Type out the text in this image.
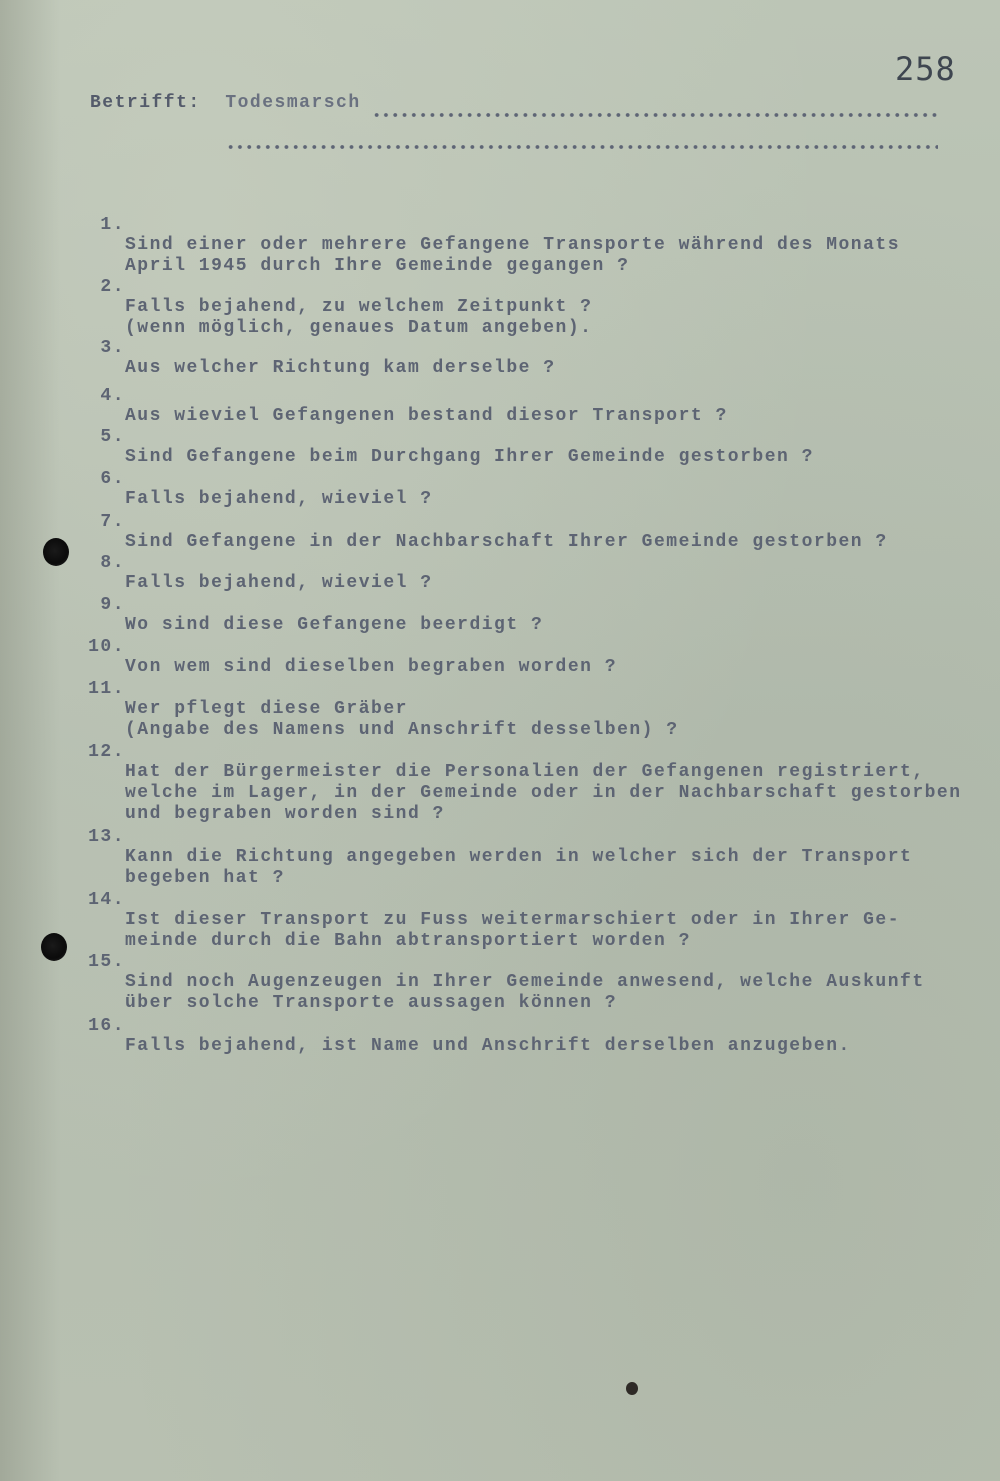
258
Betrifft: Todesmarsch

1.

Sind einer oder mehrere Gefangene Transporte während des Monats
April 1945 durch Ihre Gemeinde gegangen ?

2.

Falls bejahend, zu welchem Zeitpunkt ?
(wenn möglich, genaues Datum angeben).

3.

Aus welcher Richtung kam derselbe ?

4.

Aus wieviel Gefangenen bestand diesor Transport ?

5.

Sind Gefangene beim Durchgang Ihrer Gemeinde gestorben ?

6.

Falls bejahend, wieviel ?

7.

Sind Gefangene in der Nachbarschaft Ihrer Gemeinde gestorben ?

8.

Falls bejahend, wieviel ?

9.

Wo sind diese Gefangene beerdigt ?

10.

Von wem sind dieselben begraben worden ?

11.

Wer pflegt diese Gräber
(Angabe des Namens und Anschrift desselben) ?

12.

Hat der Bürgermeister die Personalien der Gefangenen registriert,
welche im Lager, in der Gemeinde oder in der Nachbarschaft gestorben
und begraben worden sind ?

13.

Kann die Richtung angegeben werden in welcher sich der Transport
begeben hat ?

14.

Ist dieser Transport zu Fuss weitermarschiert oder in Ihrer Ge-
meinde durch die Bahn abtransportiert worden ?

15.

Sind noch Augenzeugen in Ihrer Gemeinde anwesend, welche Auskunft
über solche Transporte aussagen können ?

16.

Falls bejahend, ist Name und Anschrift derselben anzugeben.
